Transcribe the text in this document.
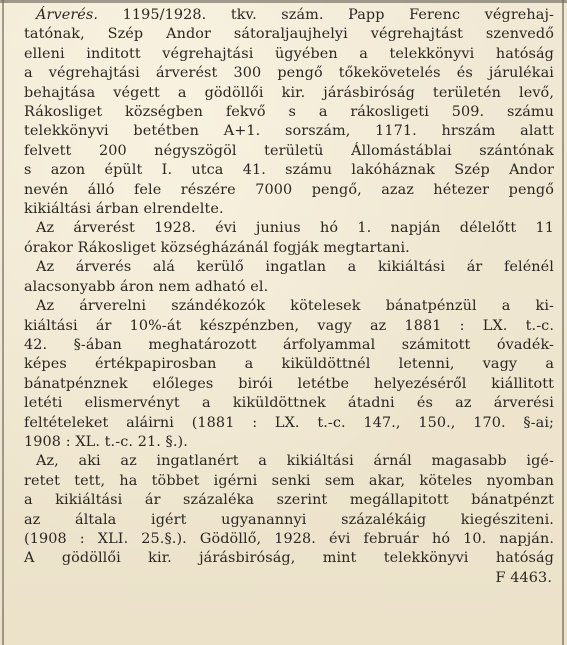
Árverés. 1195/1928. tkv. szám. Papp Ferenc végrehaj-
tatónak, Szép Andor sátoraljaujhelyi végrehajtást szenvedő
elleni inditott végrehajtási ügyében a telekkönyvi hatóság
a végrehajtási árverést 300 pengő tőkekövetelés és járulékai
behajtása végett a gödöllői kir. járásbiróság területén levő,
Rákosliget községben fekvő s a rákosligeti 509. számu
telekkönyvi betétben A+1. sorszám, 1171. hrszám alatt
felvett 200 négyszögöl területü Állomástáblai szántónak
s azon épült I. utca 41. számu lakóháznak Szép Andor
nevén álló fele részére 7000 pengő, azaz hétezer pengő
kikiáltási árban elrendelte.
Az árverést 1928. évi junius hó 1. napján délelőtt 11
órakor Rákosliget községházánál fogják megtartani.
Az árverés alá kerülő ingatlan a kikiáltási ár felénél
alacsonyabb áron nem adható el.
Az árverelni szándékozók kötelesek bánatpénzül a ki-
kiáltási ár 10%-át készpénzben, vagy az 1881 : LX. t.-c.
42. §-ában meghatározott árfolyammal számitott óvadék-
képes értékpapirosban a kiküldöttnél letenni, vagy a
bánatpénznek előleges birói letétbe helyezéséről kiállitott
letéti elismervényt a kiküldöttnek átadni és az árverési
feltételeket aláirni (1881 : LX. t.-c. 147., 150., 170. §-ai;
1908 : XL. t.-c. 21. §.).
Az, aki az ingatlanért a kikiáltási árnál magasabb igé-
retet tett, ha többet igérni senki sem akar, köteles nyomban
a kikiáltási ár százaléka szerint megállapitott bánatpénzt
az általa igért ugyanannyi százalékáig kiegésziteni.
(1908 : XLI. 25.§.). Gödöllő, 1928. évi február hó 10. napján.
A gödöllői kir. járásbiróság, mint telekkönyvi hatóság
F 4463.
